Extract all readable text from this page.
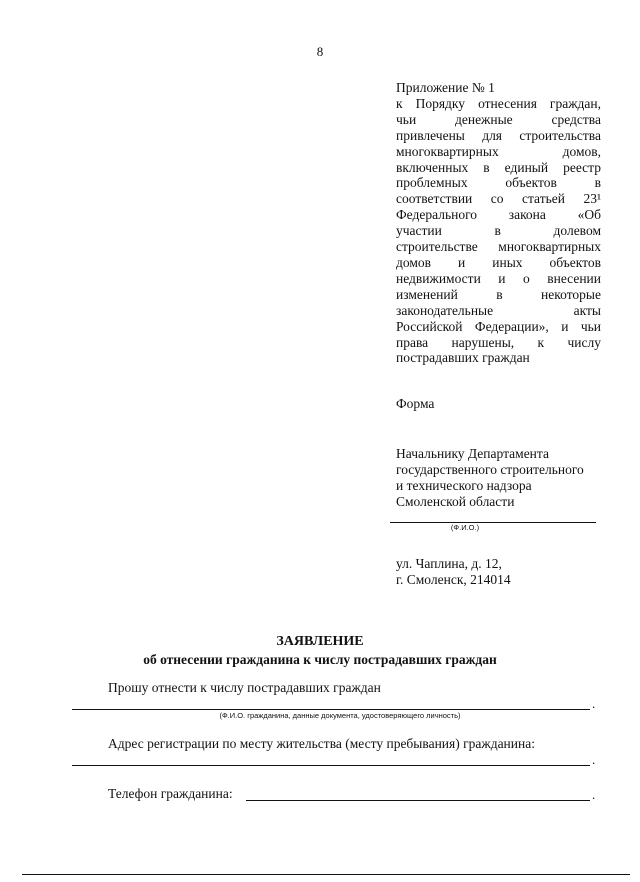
8
Приложение № 1
к Порядку отнесения граждан,
чьи денежные средства
привлечены для строительства
многоквартирных домов,
включенных в единый реестр
проблемных объектов в
соответствии со статьей 23¹
Федерального закона «Об
участии в долевом
строительстве многоквартирных
домов и иных объектов
недвижимости и о внесении
изменений в некоторые
законодательные акты
Российской Федерации», и чьи
права нарушены, к числу
пострадавших граждан
Форма
Начальнику Департамента
государственного строительного
и технического надзора
Смоленской области
(Ф.И.О.)
ул. Чаплина, д. 12,
г. Смоленск, 214014
ЗАЯВЛЕНИЕ
об отнесении гражданина к числу пострадавших граждан
Прошу отнести к числу пострадавших граждан
.
(Ф.И.О. гражданина, данные документа, удостоверяющего личность)
Адрес регистрации по месту жительства (месту пребывания) гражданина:
.
Телефон гражданина:	.
